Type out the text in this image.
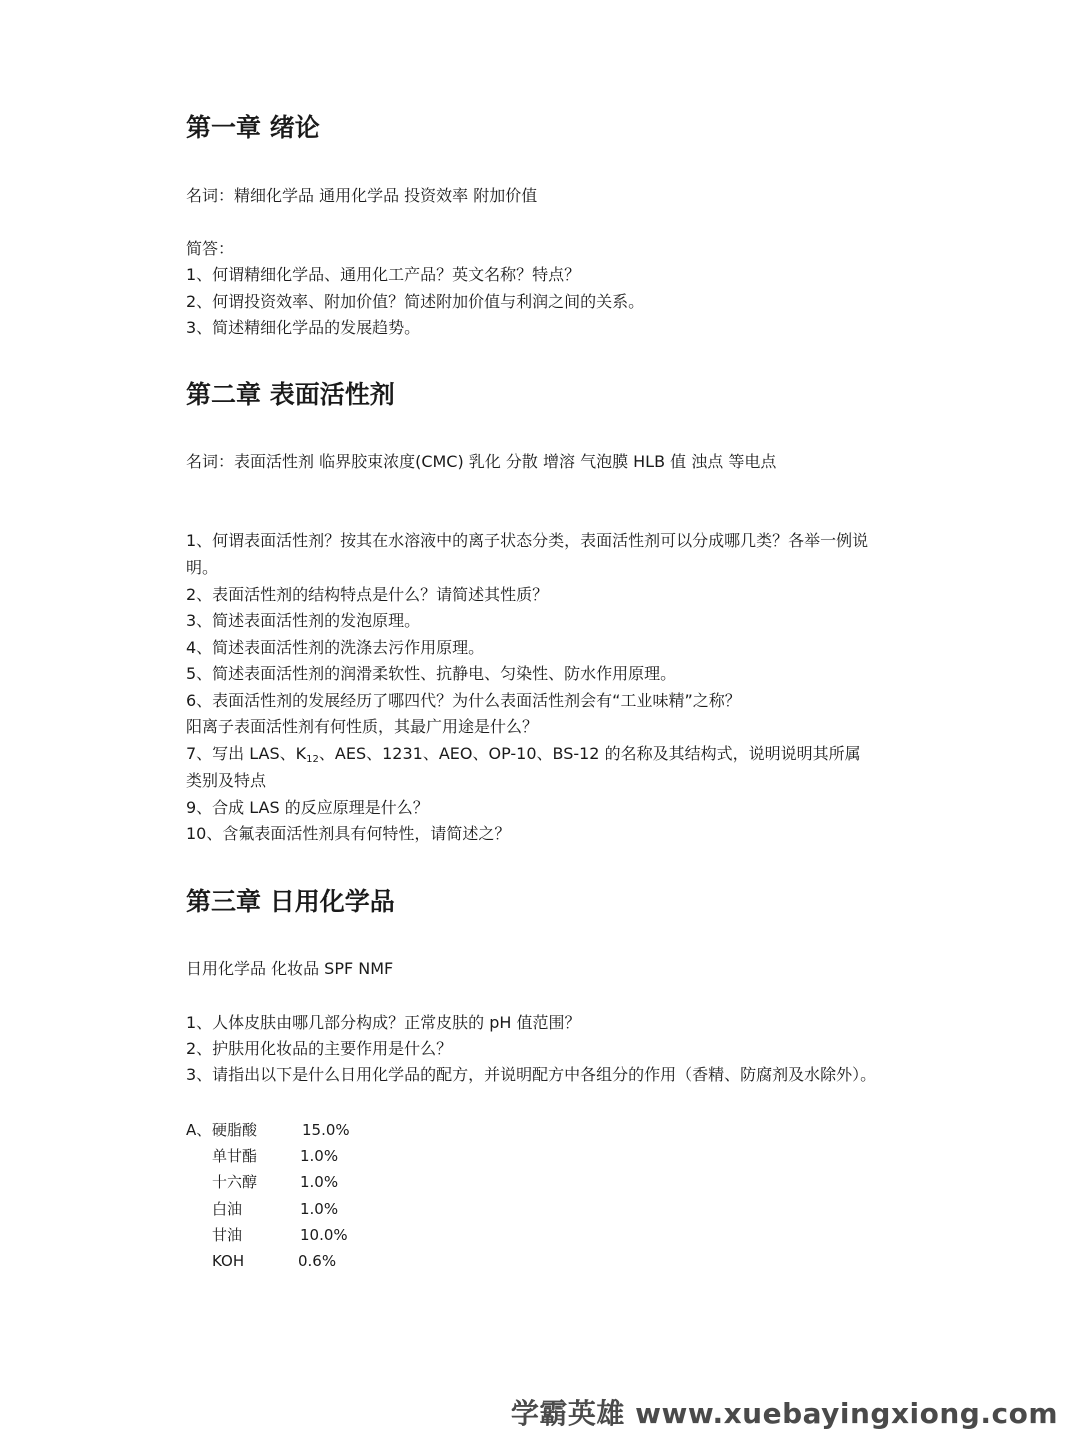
第一章 绪论

名词：精细化学品 通用化学品 投资效率 附加价值

简答：

1、何谓精细化学品、通用化工产品？英文名称？特点？

2、何谓投资效率、附加价值？简述附加价值与利润之间的关系。

3、简述精细化学品的发展趋势。

第二章 表面活性剂

名词：表面活性剂 临界胶束浓度(CMC) 乳化 分散 增溶 气泡膜 HLB 值 浊点 等电点

1、何谓表面活性剂？按其在水溶液中的离子状态分类，表面活性剂可以分成哪几类？各举一例说明。

2、表面活性剂的结构特点是什么？请简述其性质？

3、简述表面活性剂的发泡原理。

4、简述表面活性剂的洗涤去污作用原理。

5、简述表面活性剂的润滑柔软性、抗静电、匀染性、防水作用原理。

6、表面活性剂的发展经历了哪四代？为什么表面活性剂会有“工业味精”之称？

阳离子表面活性剂有何性质，其最广用途是什么？

7、写出 LAS、$K_{12}$、AES、1231、AEO、OP-10、BS-12 的名称及其结构式，说明说明其所属

类别及特点

9、合成 LAS 的反应原理是什么？

10、含氟表面活性剂具有何特性，请简述之？

第三章 日用化学品

日用化学品 化妆品 SPF NMF

1、人体皮肤由哪几部分构成？正常皮肤的 pH 值范围？

2、护肤用化妆品的主要作用是什么？

3、请指出以下是什么日用化学品的配方，并说明配方中各组分的作用（香精、防腐剂及水除外）。

A、 硬脂酸	15.0%
单甘酯	1.0%
十六醇	1.0%
白油	1.0%
甘油	10.0%
KOH	0.6%
学霸英雄 www.xuebayingxiong.com
